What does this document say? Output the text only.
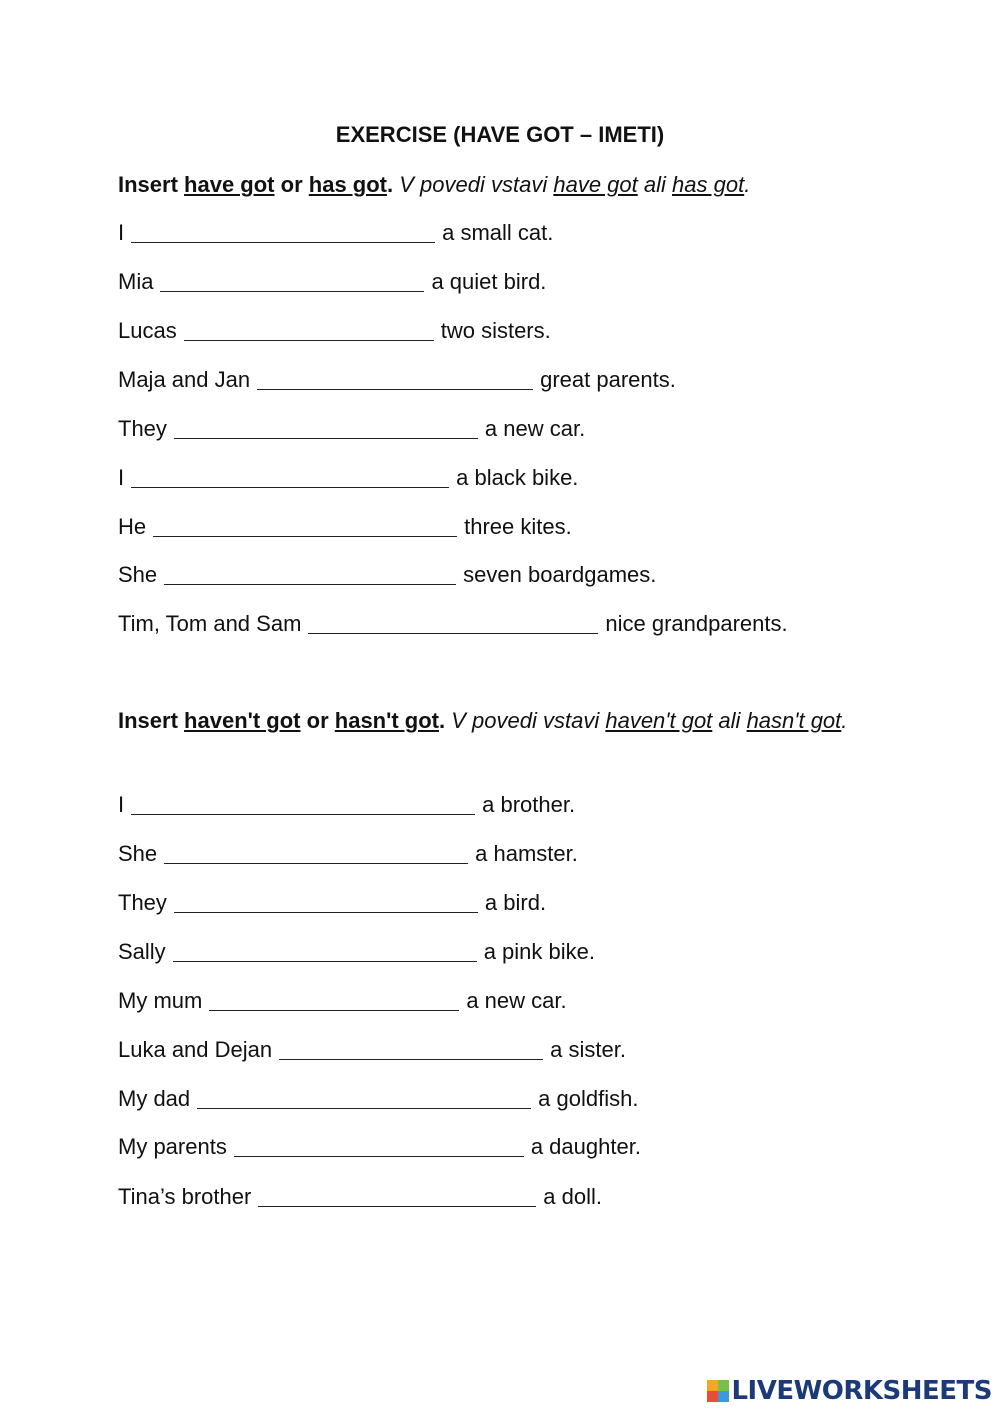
EXERCISE (HAVE GOT – IMETI)
Insert have got or has got. V povedi vstavi have got ali has got.
I	a small cat.
Mia	a quiet bird.
Lucas	two sisters.
Maja and Jan	great parents.
They	a new car.
I	a black bike.
He	three kites.
She	seven boardgames.
Tim, Tom and Sam	nice grandparents.
Insert haven't got or hasn't got. V povedi vstavi haven't got ali hasn't got.
I	a brother.
She	a hamster.
They	a bird.
Sally	a pink bike.
My mum	a new car.
Luka and Dejan	a sister.
My dad	a goldfish.
My parents	a daughter.
Tina’s brother	a doll.
LIVEWORKSHEETS
